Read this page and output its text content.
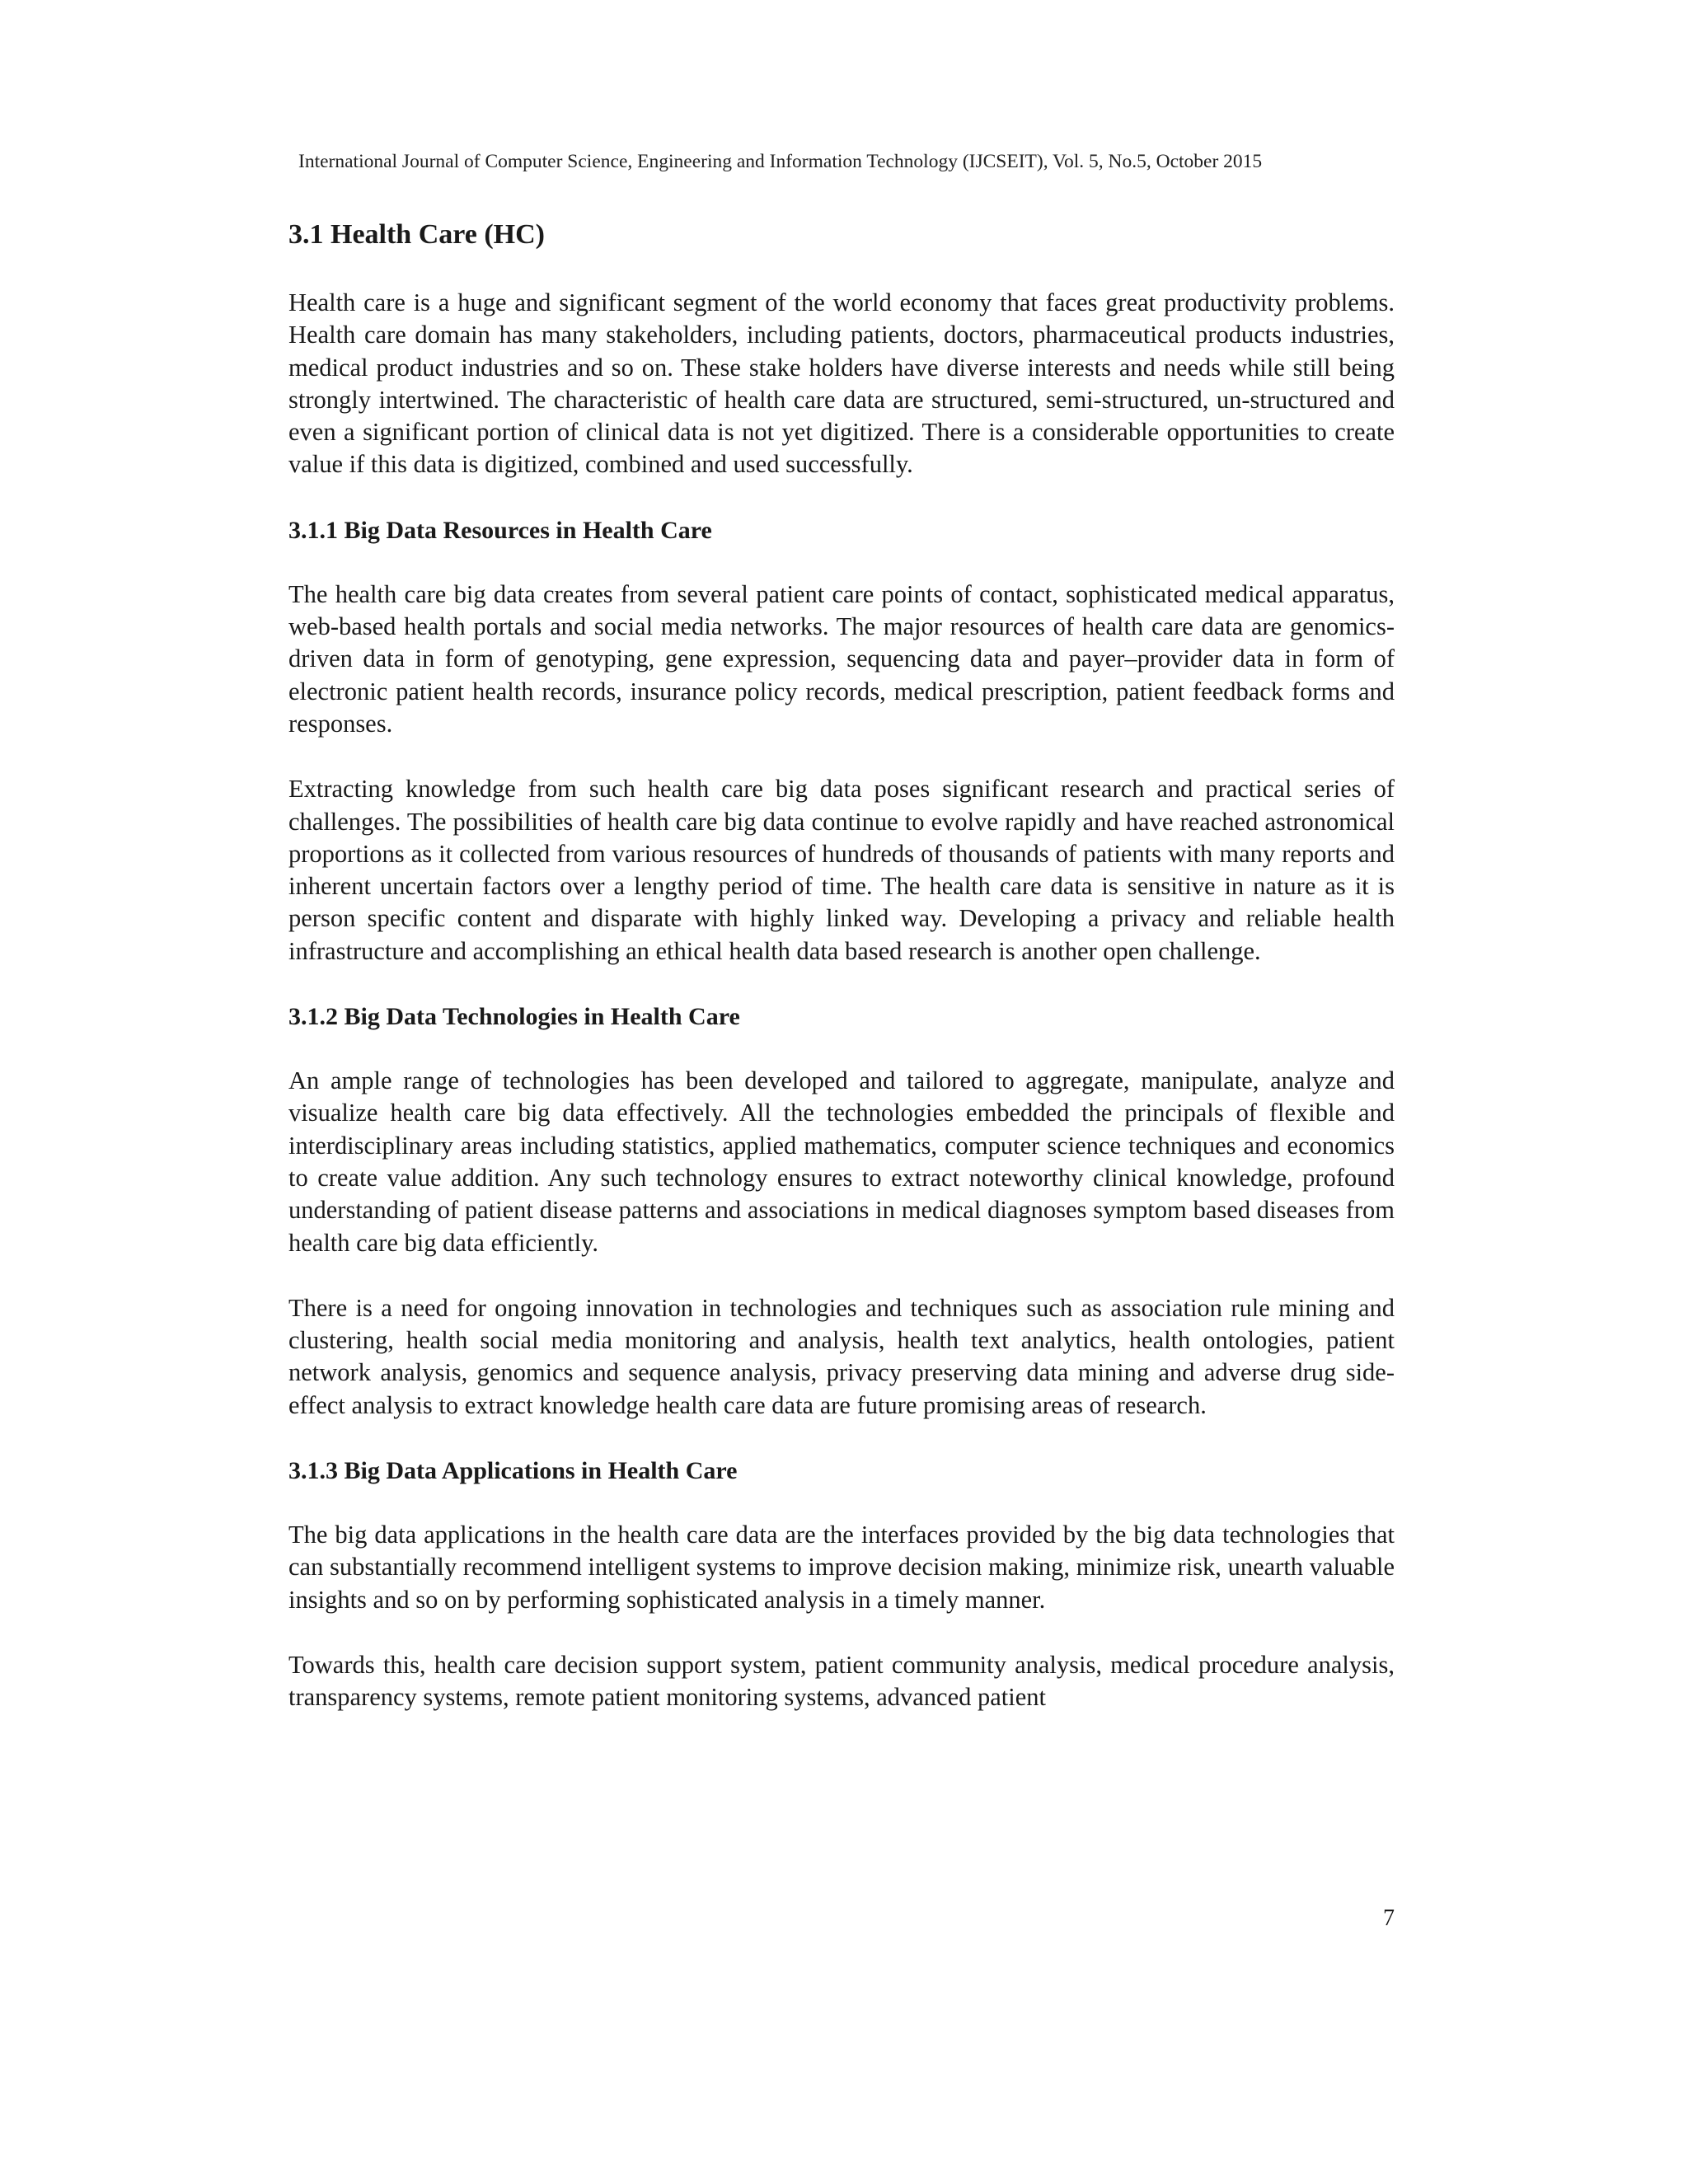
International Journal of Computer Science, Engineering and Information Technology (IJCSEIT), Vol. 5, No.5, October 2015
3.1 Health Care (HC)

Health care is a huge and significant segment of the world economy that faces great productivity problems. Health care domain has many stakeholders, including patients, doctors, pharmaceutical products industries, medical product industries and so on. These stake holders have diverse interests and needs while still being strongly intertwined. The characteristic of health care data are structured, semi-structured, un-structured and even a significant portion of clinical data is not yet digitized. There is a considerable opportunities to create value if this data is digitized, combined and used successfully.

3.1.1 Big Data Resources in Health Care

The health care big data creates from several patient care points of contact, sophisticated medical apparatus, web-based health portals and social media networks. The major resources of health care data are genomics-driven data in form of genotyping, gene expression, sequencing data and payer–provider data in form of electronic patient health records, insurance policy records, medical prescription, patient feedback forms and responses.

Extracting knowledge from such health care big data poses significant research and practical series of challenges. The possibilities of health care big data continue to evolve rapidly and have reached astronomical proportions as it collected from various resources of hundreds of thousands of patients with many reports and inherent uncertain factors over a lengthy period of time. The health care data is sensitive in nature as it is person specific content and disparate with highly linked way. Developing a privacy and reliable health infrastructure and accomplishing an ethical health data based research is another open challenge.

3.1.2 Big Data Technologies in Health Care

An ample range of technologies has been developed and tailored to aggregate, manipulate, analyze and visualize health care big data effectively. All the technologies embedded the principals of flexible and interdisciplinary areas including statistics, applied mathematics, computer science techniques and economics to create value addition. Any such technology ensures to extract noteworthy clinical knowledge, profound understanding of patient disease patterns and associations in medical diagnoses symptom based diseases from health care big data efficiently.

There is a need for ongoing innovation in technologies and techniques such as association rule mining and clustering, health social media monitoring and analysis, health text analytics, health ontologies, patient network analysis, genomics and sequence analysis, privacy preserving data mining and adverse drug side-effect analysis to extract knowledge health care data are future promising areas of research.

3.1.3 Big Data Applications in Health Care

The big data applications in the health care data are the interfaces provided by the big data technologies that can substantially recommend intelligent systems to improve decision making, minimize risk, unearth valuable insights and so on by performing sophisticated analysis in a timely manner.

Towards this, health care decision support system, patient community analysis, medical procedure analysis, transparency systems, remote patient monitoring systems, advanced patient

7
